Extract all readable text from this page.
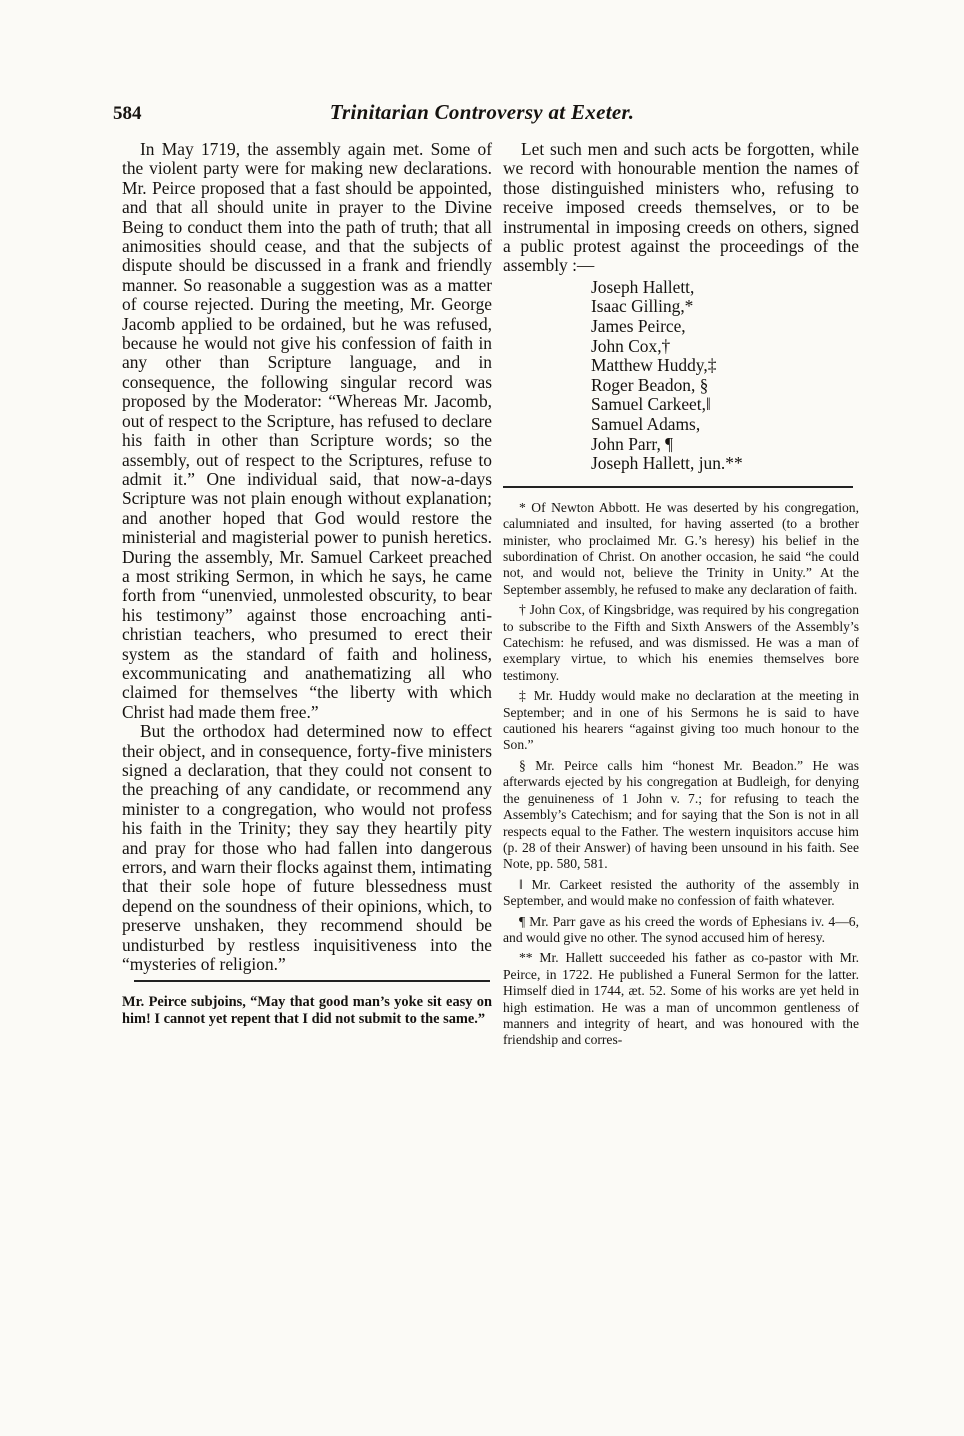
584	Trinitarian Controversy at Exeter.

In May 1719, the assembly again met. Some of the violent party were for making new declarations. Mr. Peirce proposed that a fast should be appointed, and that all should unite in prayer to the Divine Being to conduct them into the path of truth; that all animosities should cease, and that the subjects of dispute should be discussed in a frank and friendly manner. So reasonable a suggestion was as a matter of course rejected. During the meeting, Mr. George Jacomb applied to be ordained, but he was refused, because he would not give his confession of faith in any other than Scripture language, and in consequence, the following singular record was proposed by the Moderator: “Whereas Mr. Jacomb, out of respect to the Scripture, has refused to declare his faith in other than Scripture words; so the assembly, out of respect to the Scriptures, refuse to admit it.” One individual said, that now-a-days Scripture was not plain enough without explanation; and another hoped that God would restore the ministerial and magisterial power to punish heretics. During the assembly, Mr. Samuel Carkeet preached a most striking Sermon, in which he says, he came forth from “unenvied, unmolested obscurity, to bear his testimony” against those encroaching anti-christian teachers, who presumed to erect their system as the standard of faith and holiness, excommunicating and anathematizing all who claimed for themselves “the liberty with which Christ had made them free.”

But the orthodox had determined now to effect their object, and in consequence, forty-five ministers signed a declaration, that they could not consent to the preaching of any candidate, or recommend any minister to a congregation, who would not profess his faith in the Trinity; they say they heartily pity and pray for those who had fallen into dangerous errors, and warn their flocks against them, intimating that their sole hope of future blessedness must depend on the soundness of their opinions, which, to preserve unshaken, they recommend should be undisturbed by restless inquisitiveness into the “mysteries of religion.”

Mr. Peirce subjoins, “May that good man’s yoke sit easy on him! I cannot yet repent that I did not submit to the same.”

Let such men and such acts be forgotten, while we record with honourable mention the names of those distinguished ministers who, refusing to receive imposed creeds themselves, or to be instrumental in imposing creeds on others, signed a public protest against the proceedings of the assembly :—

Joseph Hallett,
Isaac Gilling,*
James Peirce,
John Cox,†
Matthew Huddy,‡
Roger Beadon, §
Samuel Carkeet,‖
Samuel Adams,
John Parr, ¶
Joseph Hallett, jun.**

* Of Newton Abbott. He was deserted by his congregation, calumniated and insulted, for having asserted (to a brother minister, who proclaimed Mr. G.’s heresy) his belief in the subordination of Christ. On another occasion, he said “he could not, and would not, believe the Trinity in Unity.” At the September assembly, he refused to make any declaration of faith.

† John Cox, of Kingsbridge, was required by his congregation to subscribe to the Fifth and Sixth Answers of the Assembly’s Catechism: he refused, and was dismissed. He was a man of exemplary virtue, to which his enemies themselves bore testimony.

‡ Mr. Huddy would make no declaration at the meeting in September; and in one of his Sermons he is said to have cautioned his hearers “against giving too much honour to the Son.”

§ Mr. Peirce calls him “honest Mr. Beadon.” He was afterwards ejected by his congregation at Budleigh, for denying the genuineness of 1 John v. 7.; for refusing to teach the Assembly’s Catechism; and for saying that the Son is not in all respects equal to the Father. The western inquisitors accuse him (p. 28 of their Answer) of having been unsound in his faith. See Note, pp. 580, 581.

‖ Mr. Carkeet resisted the authority of the assembly in September, and would make no confession of faith whatever.

¶ Mr. Parr gave as his creed the words of Ephesians iv. 4—6, and would give no other. The synod accused him of heresy.

** Mr. Hallett succeeded his father as co-pastor with Mr. Peirce, in 1722. He published a Funeral Sermon for the latter. Himself died in 1744, æt. 52. Some of his works are yet held in high estimation. He was a man of uncommon gentleness of manners and integrity of heart, and was honoured with the friendship and corres-
